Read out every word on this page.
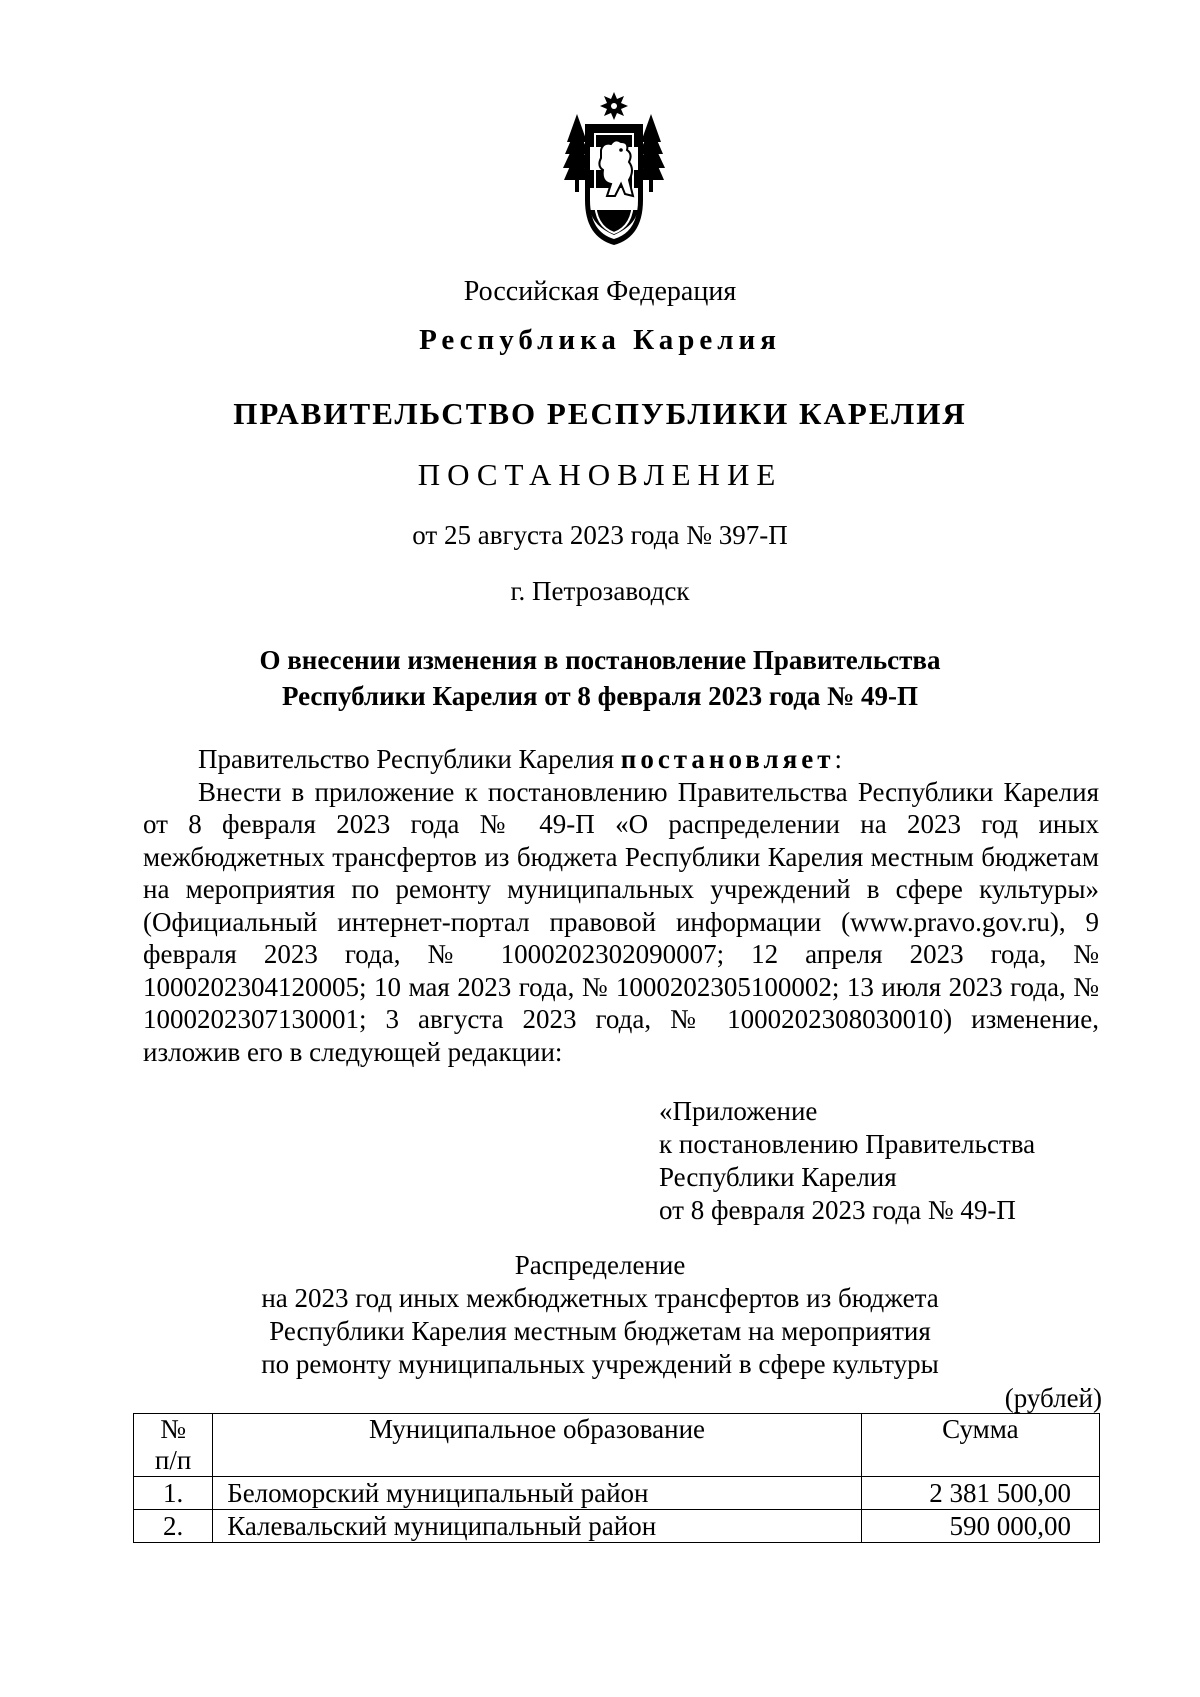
Российская Федерация
Республика Карелия
ПРАВИТЕЛЬСТВО РЕСПУБЛИКИ КАРЕЛИЯ
ПОСТАНОВЛЕНИЕ
от 25 августа 2023 года № 397-П
г. Петрозаводск
О внесении изменения в постановление Правительства
Республики Карелия от 8 февраля 2023 года № 49-П

Правительство Республики Карелия постановляет:

Внести в приложение к постановлению Правительства Республики Карелия от 8 февраля 2023 года № 49-П «О распределении на 2023 год иных межбюджетных трансфертов из бюджета Республики Карелия местным бюджетам на мероприятия по ремонту муниципальных учреждений в сфере культуры» (Официальный интернет-портал правовой информации (www.pravo.gov.ru), 9 февраля 2023 года, № 1000202302090007; 12 апреля 2023 года, № 1000202304120005; 10 мая 2023 года, № 1000202305100002; 13 июля 2023 года, № 1000202307130001; 3 августа 2023 года, № 1000202308030010) изменение, изложив его в следующей редакции:

«Приложение
к постановлению Правительства
Республики Карелия
от 8 февраля 2023 года № 49-П
Распределение
на 2023 год иных межбюджетных трансфертов из бюджета
Республики Карелия местным бюджетам на мероприятия
по ремонту муниципальных учреждений в сфере культуры
(рублей)
№
п/п	Муниципальное образование	Сумма
1.	Беломорский муниципальный район	2 381 500,00
2.	Калевальский муниципальный район	590 000,00
